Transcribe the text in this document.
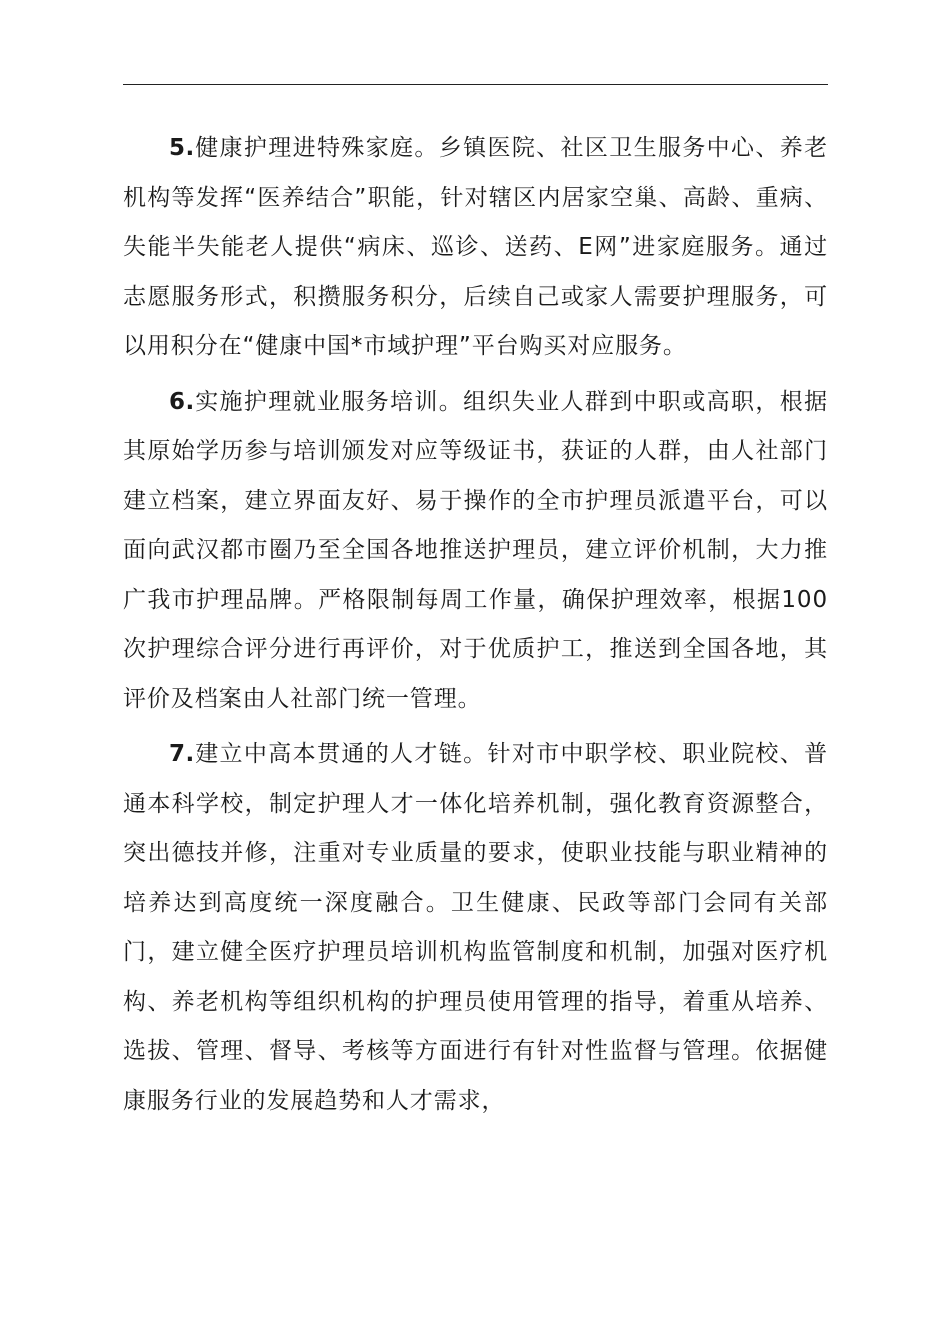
5.健康护理进特殊家庭。乡镇医院、社区卫生服务中心、养老机构等发挥“医养结合”职能，针对辖区内居家空巢、高龄、重病、失能半失能老人提供“病床、巡诊、送药、E网”进家庭服务。通过志愿服务形式，积攒服务积分，后续自己或家人需要护理服务，可以用积分在“健康中国*市域护理”平台购买对应服务。

6.实施护理就业服务培训。组织失业人群到中职或高职，根据其原始学历参与培训颁发对应等级证书，获证的人群，由人社部门建立档案，建立界面友好、易于操作的全市护理员派遣平台，可以面向武汉都市圈乃至全国各地推送护理员，建立评价机制，大力推广我市护理品牌。严格限制每周工作量，确保护理效率，根据100次护理综合评分进行再评价，对于优质护工，推送到全国各地，其评价及档案由人社部门统一管理。

7.建立中高本贯通的人才链。针对市中职学校、职业院校、普通本科学校，制定护理人才一体化培养机制，强化教育资源整合，突出德技并修，注重对专业质量的要求，使职业技能与职业精神的培养达到高度统一深度融合。卫生健康、民政等部门会同有关部门，建立健全医疗护理员培训机构监管制度和机制，加强对医疗机构、养老机构等组织机构的护理员使用管理的指导，着重从培养、选拔、管理、督导、考核等方面进行有针对性监督与管理。依据健康服务行业的发展趋势和人才需求，
